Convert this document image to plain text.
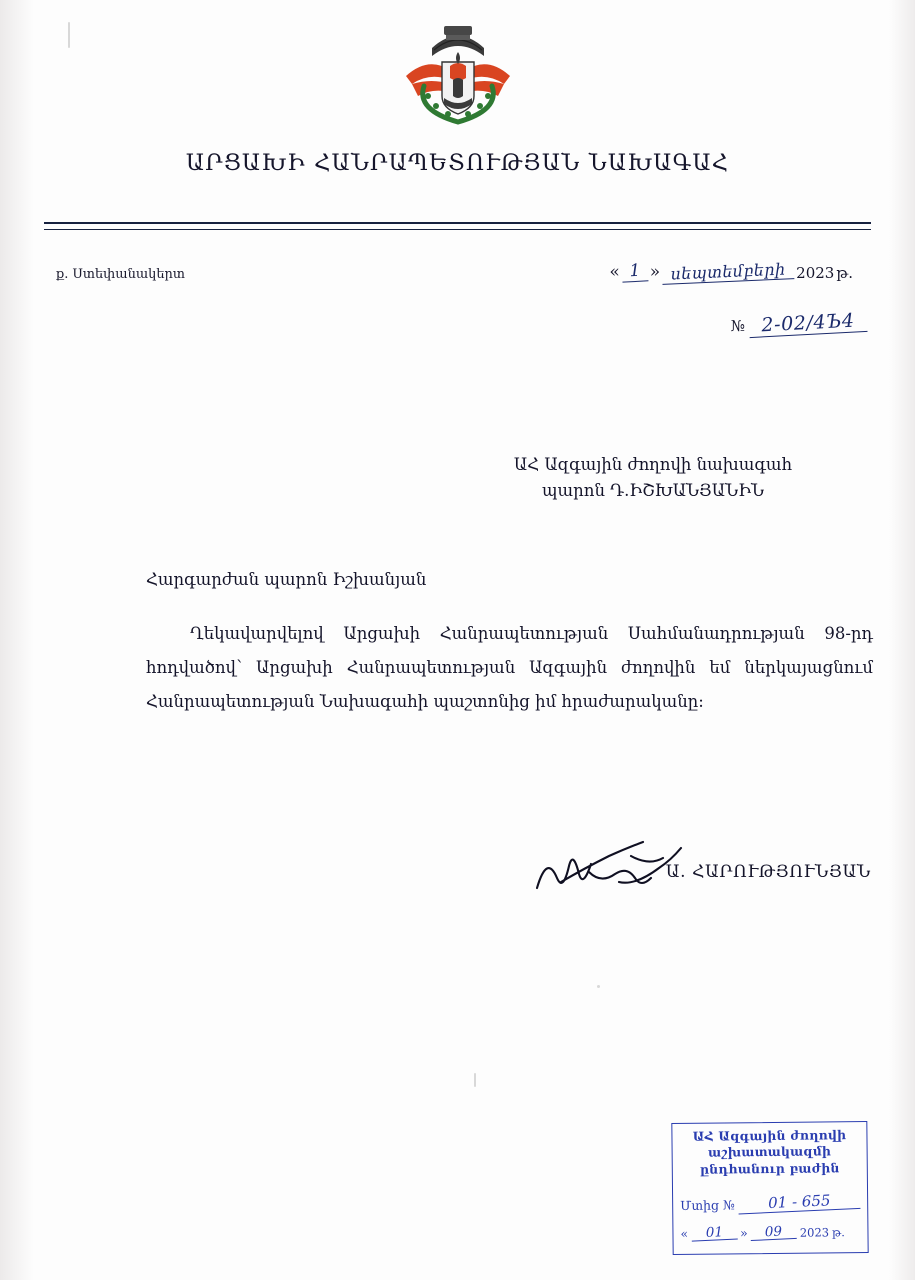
ԱՐՑԱԽԻ ՀԱՆՐԱՊԵՏՈՒԹՅԱՆ ՆԱԽԱԳԱՀ
ք. Ստեփանակերտ	« 1 » սեպտեմբերի 2023 թ.
№ 2-02/4Ъ4
ԱՀ Ազգային ժողովի նախագահ
պարոն Դ.ԻՇԽԱՆՅԱՆԻՆ
Հարգարժան պարոն Իշխանյան
Ղեկավարվելով Արցախի Հանրապետության Սահմանադրության 98-րդ հոդվածով՝ Արցախի Հանրապետության Ազգային ժողովին եմ ներկայացնում Հանրապետության Նախագահի պաշտոնից իմ հրաժարականը:
Ա. ՀԱՐՈՒԹՅՈՒՆՅԱՆ
ԱՀ Ազգային ժողովի
աշխատակազմի
ընդհանուր բաժին
Մտից №	01 - 655
«	01	»	09	2023 թ.
